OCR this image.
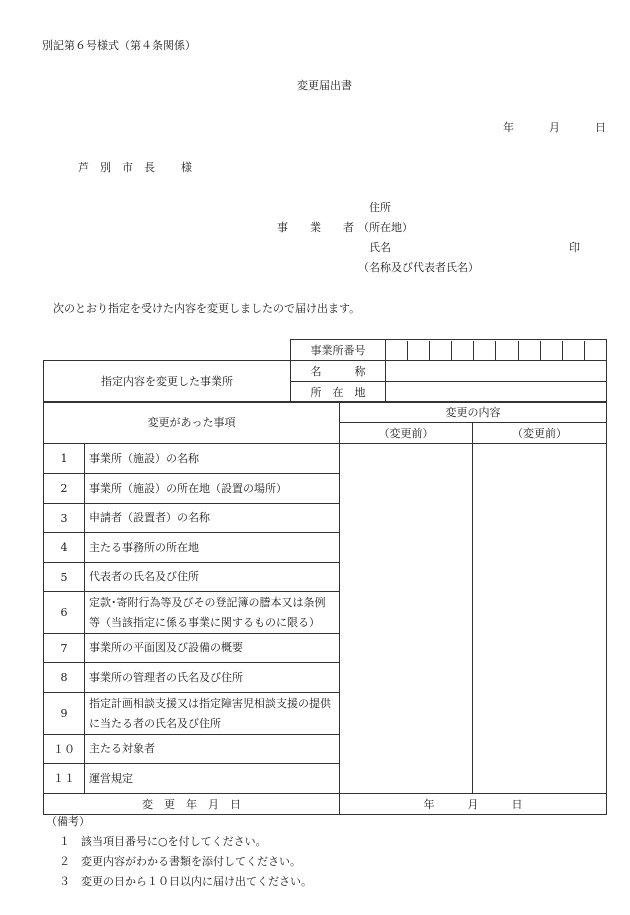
別記第６号様式（第４条関係）
変更届出書
年	月	日
芦　別　市　長 様
住所
事　　業　　者 （所在地）
氏名	印
（名称及び代表者氏名）
次のとおり指定を受けた内容を変更しましたので届け出ます。
	事業所番号	

指定内容を変更した事業所	名　　　称	
	所　在　地	
変更があった事項		変更の内容	
		（変更前）	（変更前）
1	事業所（施設）の名称		
2	事業所（施設）の所在地（設置の場所）		
3	申請者（設置者）の名称		
4	主たる事務所の所在地		
5	代表者の氏名及び住所		
6	定款･寄附行為等及びその登記簿の謄本又は条例等（当該指定に係る事業に関するものに限る）		
7	事業所の平面図及び設備の概要		
8	事業所の管理者の氏名及び住所		
9	指定計画相談支援又は指定障害児相談支援の提供に当たる者の氏名及び住所		
１０	主たる対象者		
１１	運営規定		
変　更　年　月　日		年　　　月　　　日	
（備考）
１　該当項目番号に○を付してください。
２　変更内容がわかる書類を添付してください。
３　変更の日から１０日以内に届け出てください。
